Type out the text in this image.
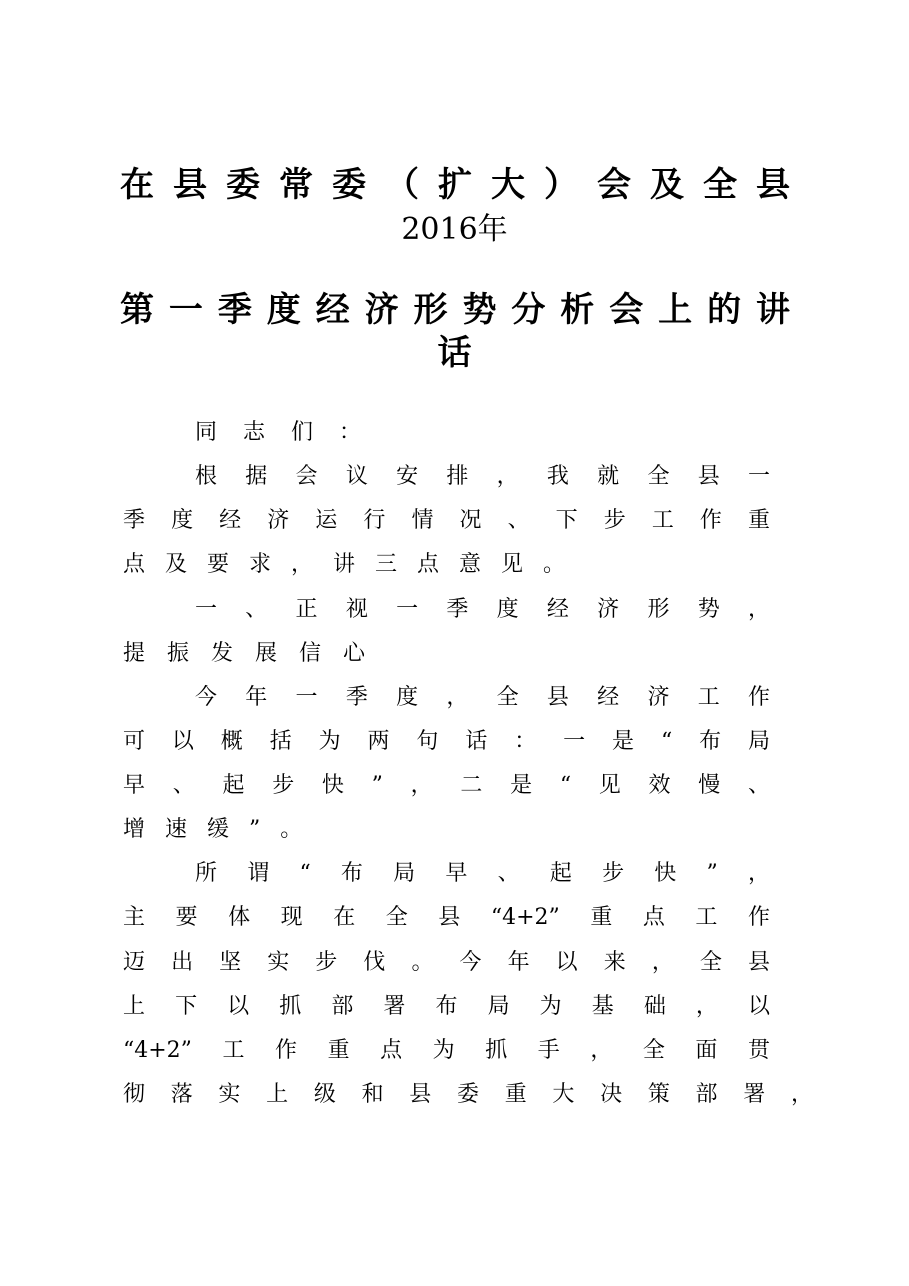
在县委常委（扩大）会及全县
2016年
第一季度经济形势分析会上的讲
话
同志们：
根据会议安排，我就全县一
季度经济运行情况、下步工作重
点及要求，讲三点意见。
一、正视一季度经济形势，
提振发展信心
今年一季度，全县经济工作
可以概括为两句话：一是“布局
早、起步快”，二是“见效慢、
增速缓”。
所谓“布局早、起步快”，
主要体现在全县“4+2”重点工作
迈出坚实步伐。今年以来，全县
上下以抓部署布局为基础，以
“4+2”工作重点为抓手，全面贯
彻落实上级和县委重大决策部署，
